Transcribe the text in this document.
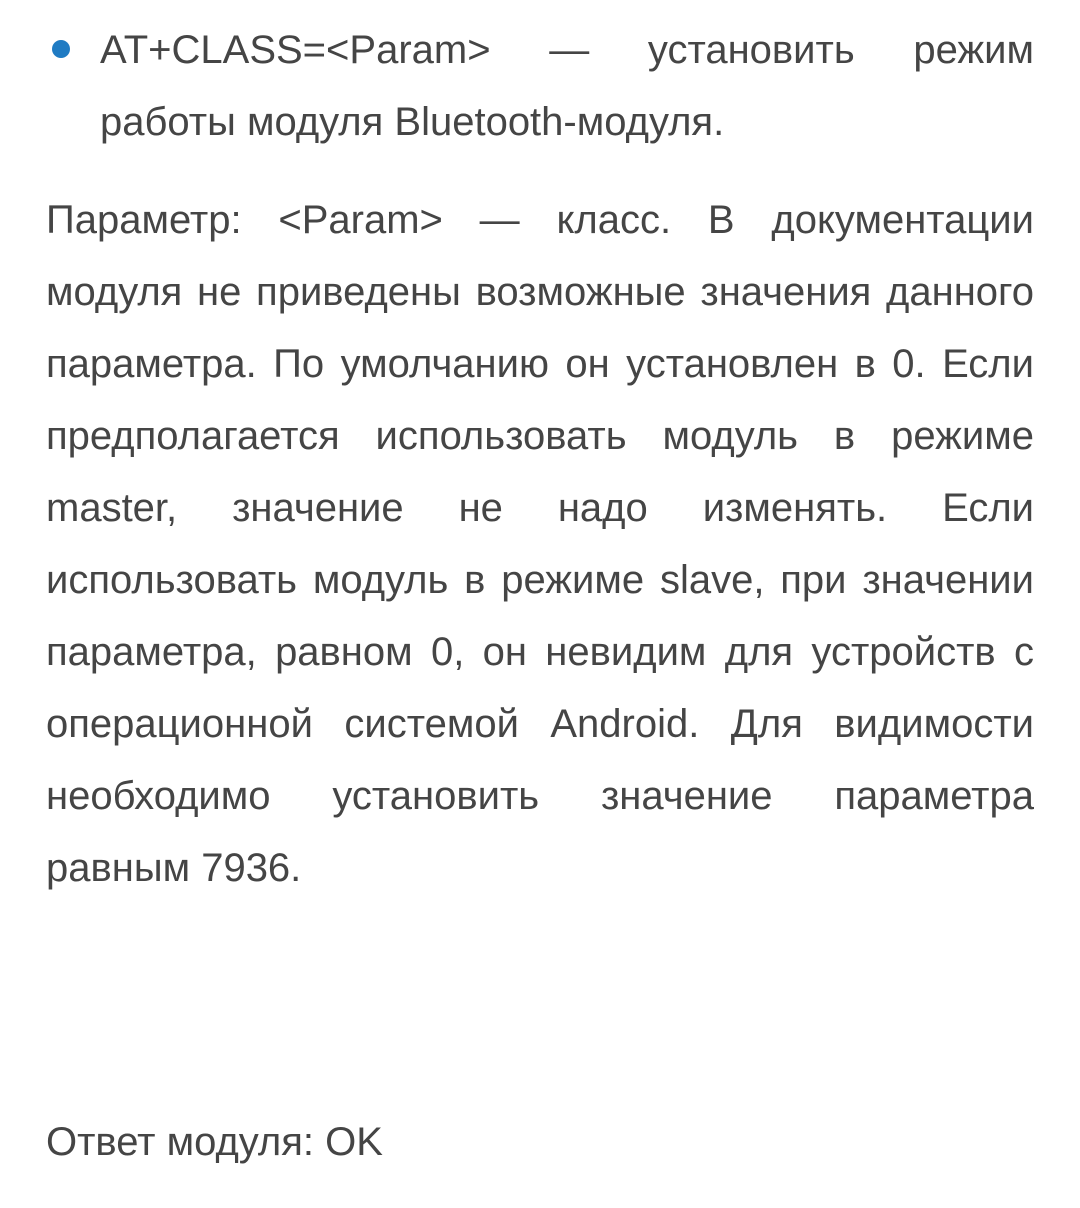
AT+CLASS=<Param> — установить режим работы модуля Bluetooth-модуля.

Параметр: <Param> — класс. В документации модуля не приведены возможные значения данного параметра. По умолчанию он установлен в 0. Если предполагается использовать модуль в режиме master, значение не надо изменять. Если использовать модуль в режиме slave, при значении параметра, равном 0, он невидим для устройств с операционной системой Android. Для видимости необходимо установить значение параметра равным 7936.

Ответ модуля: OK
